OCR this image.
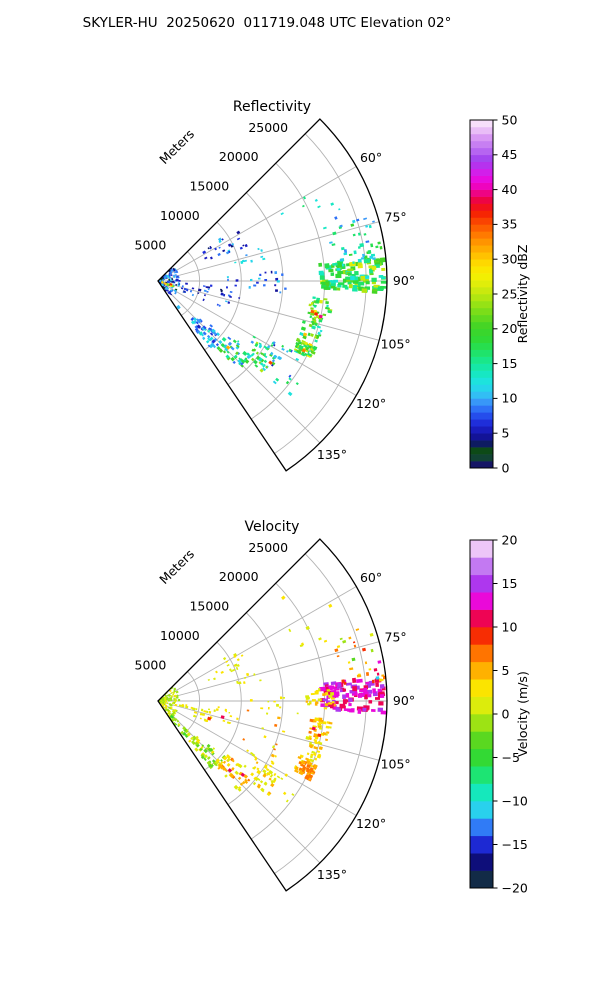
SKYLER-HU  20250620  011719.048 UTC Elevation 02°
Reflectivity
60°
75°
90°
105°
120°
135°
5000
10000
15000
20000
25000
Meters
0
5
10
15
20
25
30
35
40
45
50
Reflectivity dBZ
Velocity
60°
75°
90°
105°
120°
135°
5000
10000
15000
20000
25000
Meters
−20
−15
−10
−5
0
5
10
15
20
Velocity (m/s)
